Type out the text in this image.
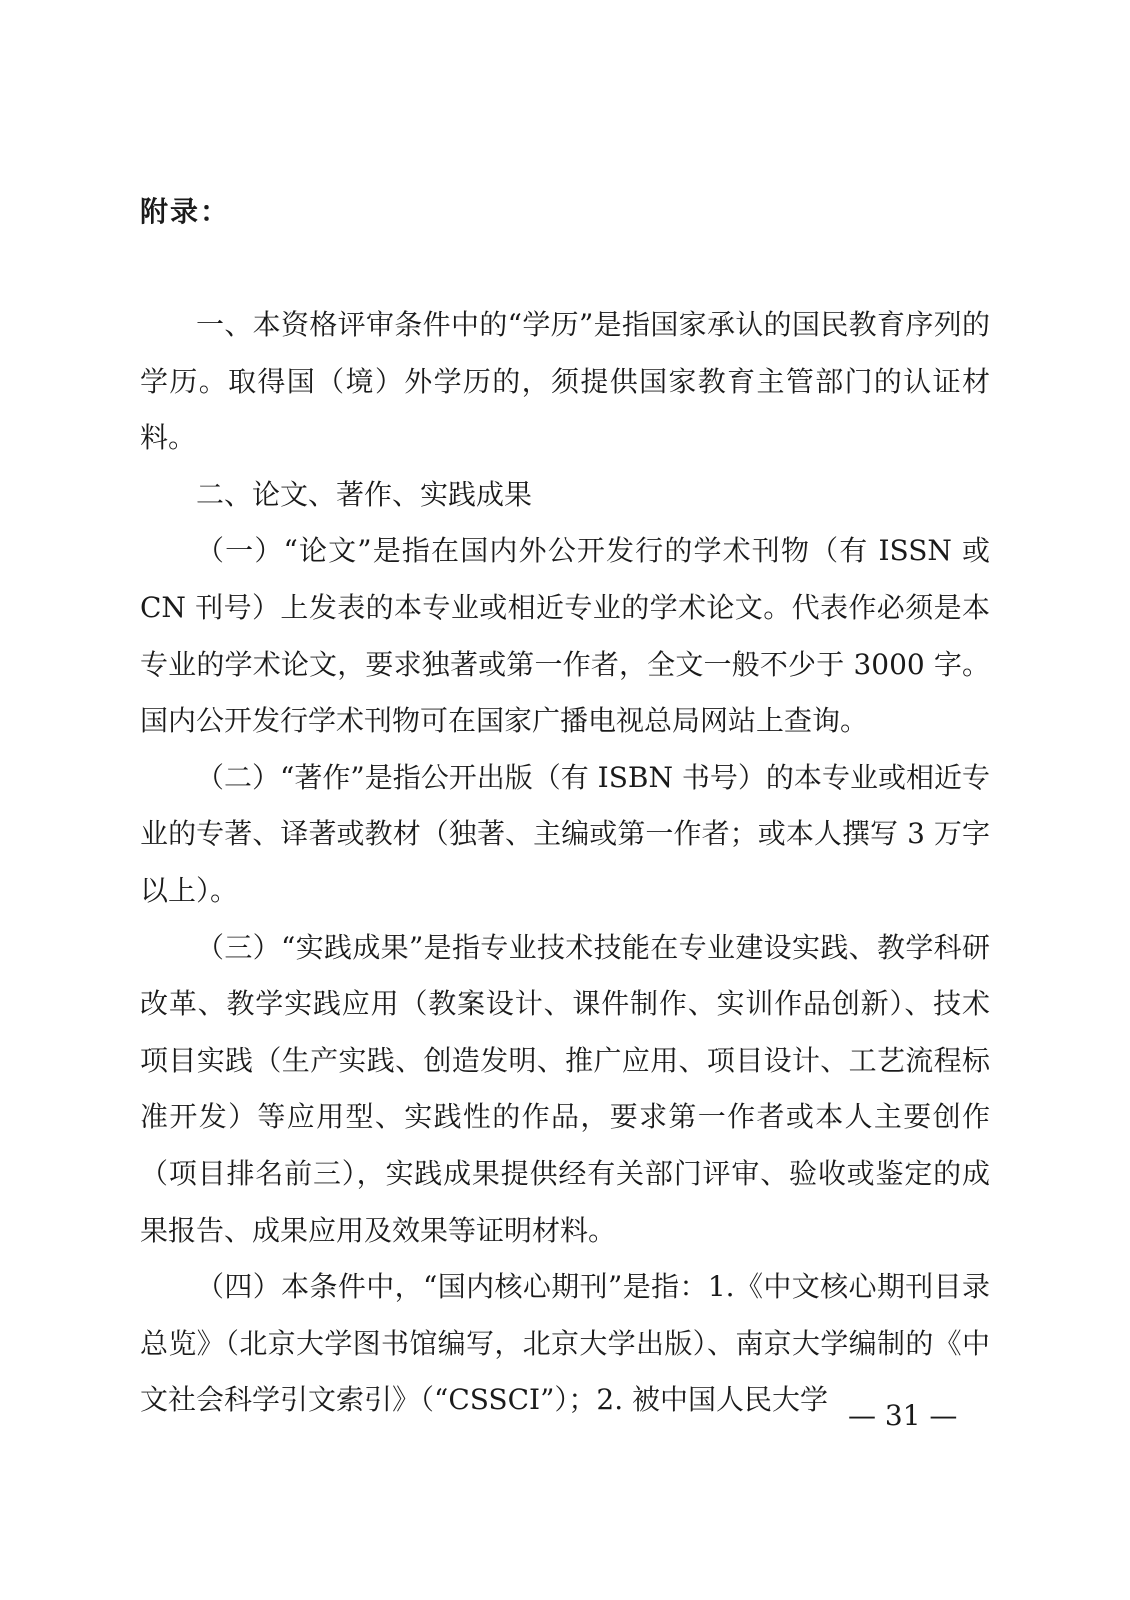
附录：

一、本资格评审条件中的“学历”是指国家承认的国民教育序列的学历。取得国（境）外学历的，须提供国家教育主管部门的认证材料。

二、论文、著作、实践成果

（一）“论文”是指在国内外公开发行的学术刊物（有 ISSN 或 CN 刊号）上发表的本专业或相近专业的学术论文。代表作必须是本专业的学术论文，要求独著或第一作者，全文一般不少于 3000 字。国内公开发行学术刊物可在国家广播电视总局网站上查询。

（二）“著作”是指公开出版（有 ISBN 书号）的本专业或相近专业的专著、译著或教材（独著、主编或第一作者；或本人撰写 3 万字以上）。

（三）“实践成果”是指专业技术技能在专业建设实践、教学科研改革、教学实践应用（教案设计、课件制作、实训作品创新）、技术项目实践（生产实践、创造发明、推广应用、项目设计、工艺流程标准开发）等应用型、实践性的作品，要求第一作者或本人主要创作（项目排名前三），实践成果提供经有关部门评审、验收或鉴定的成果报告、成果应用及效果等证明材料。

（四）本条件中，“国内核心期刊”是指：1.《中文核心期刊目录总览》（北京大学图书馆编写，北京大学出版）、南京大学编制的《中文社会科学引文索引》（“CSSCI”）；2. 被中国人民大学 — 31 —
